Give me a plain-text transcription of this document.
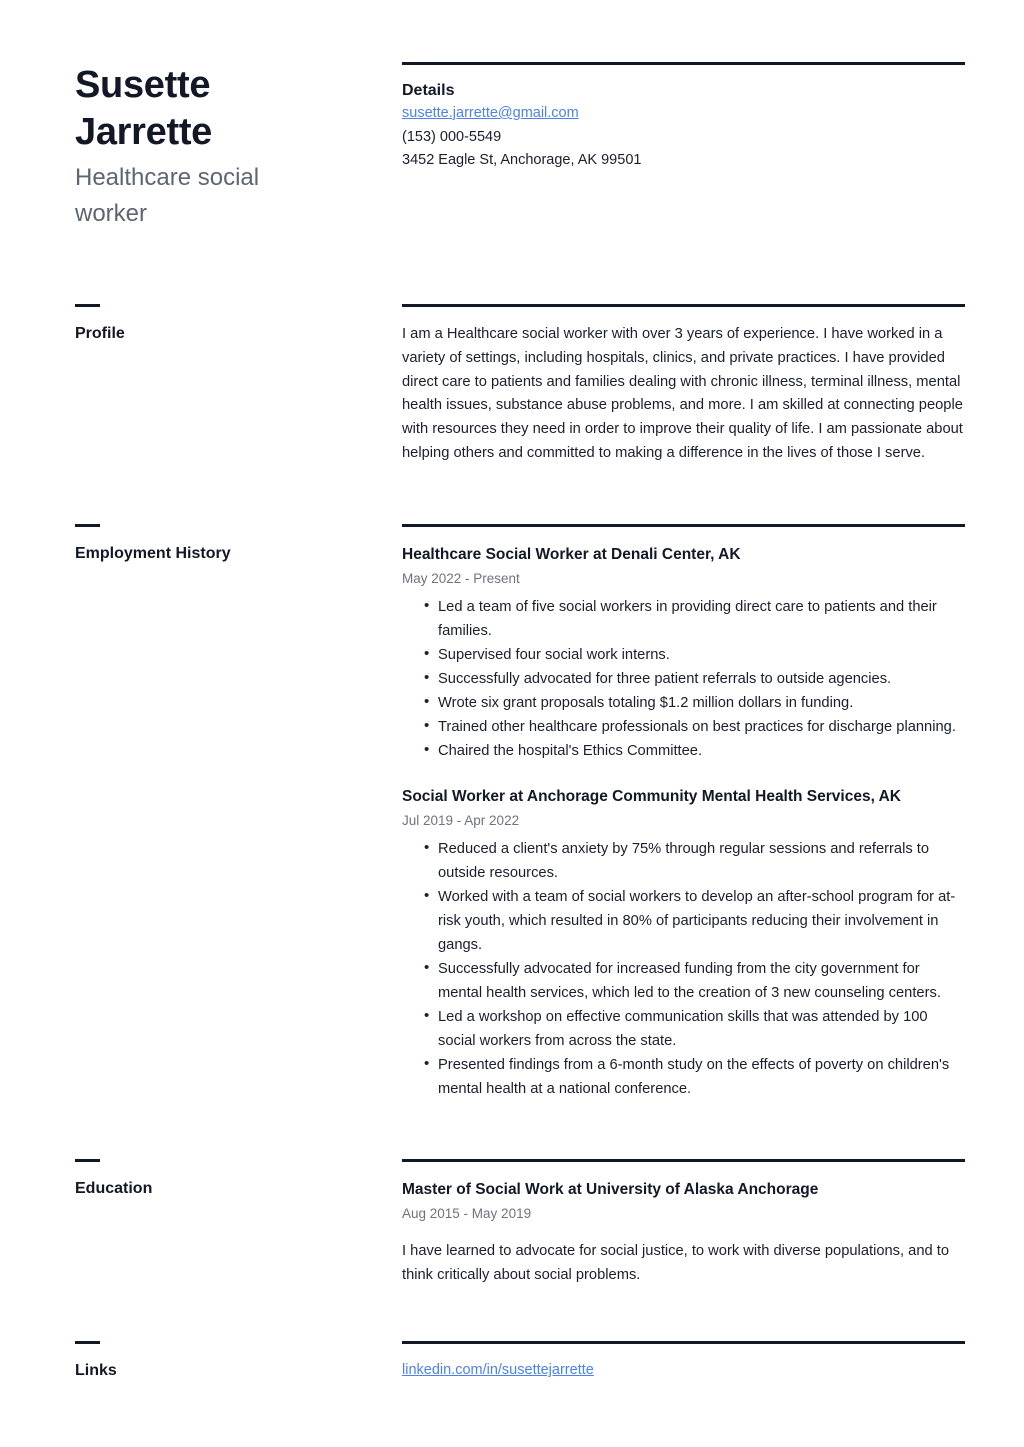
Susette
Jarrette
Healthcare social worker
Details
susette.jarrette@gmail.com
(153) 000-5549
3452 Eagle St, Anchorage, AK 99501
Profile	I am a Healthcare social worker with over 3 years of experience. I have worked in a variety of settings, including hospitals, clinics, and private practices. I have provided direct care to patients and families dealing with chronic illness, terminal illness, mental health issues, substance abuse problems, and more. I am skilled at connecting people with resources they need in order to improve their quality of life. I am passionate about helping others and committed to making a difference in the lives of those I serve.
Employment History	Healthcare Social Worker at Denali Center, AK
May 2022 - Present
• Led a team of five social workers in providing direct care to patients and their families.
• Supervised four social work interns.
• Successfully advocated for three patient referrals to outside agencies.
• Wrote six grant proposals totaling $1.2 million dollars in funding.
• Trained other healthcare professionals on best practices for discharge planning.
• Chaired the hospital's Ethics Committee.
Social Worker at Anchorage Community Mental Health Services, AK
Jul 2019 - Apr 2022
• Reduced a client's anxiety by 75% through regular sessions and referrals to outside resources.
• Worked with a team of social workers to develop an after-school program for at-risk youth, which resulted in 80% of participants reducing their involvement in gangs.
• Successfully advocated for increased funding from the city government for mental health services, which led to the creation of 3 new counseling centers.
• Led a workshop on effective communication skills that was attended by 100 social workers from across the state.
• Presented findings from a 6-month study on the effects of poverty on children's mental health at a national conference.
Education	Master of Social Work at University of Alaska Anchorage
Aug 2015 - May 2019
I have learned to advocate for social justice, to work with diverse populations, and to think critically about social problems.
Links	linkedin.com/in/susettejarrette
